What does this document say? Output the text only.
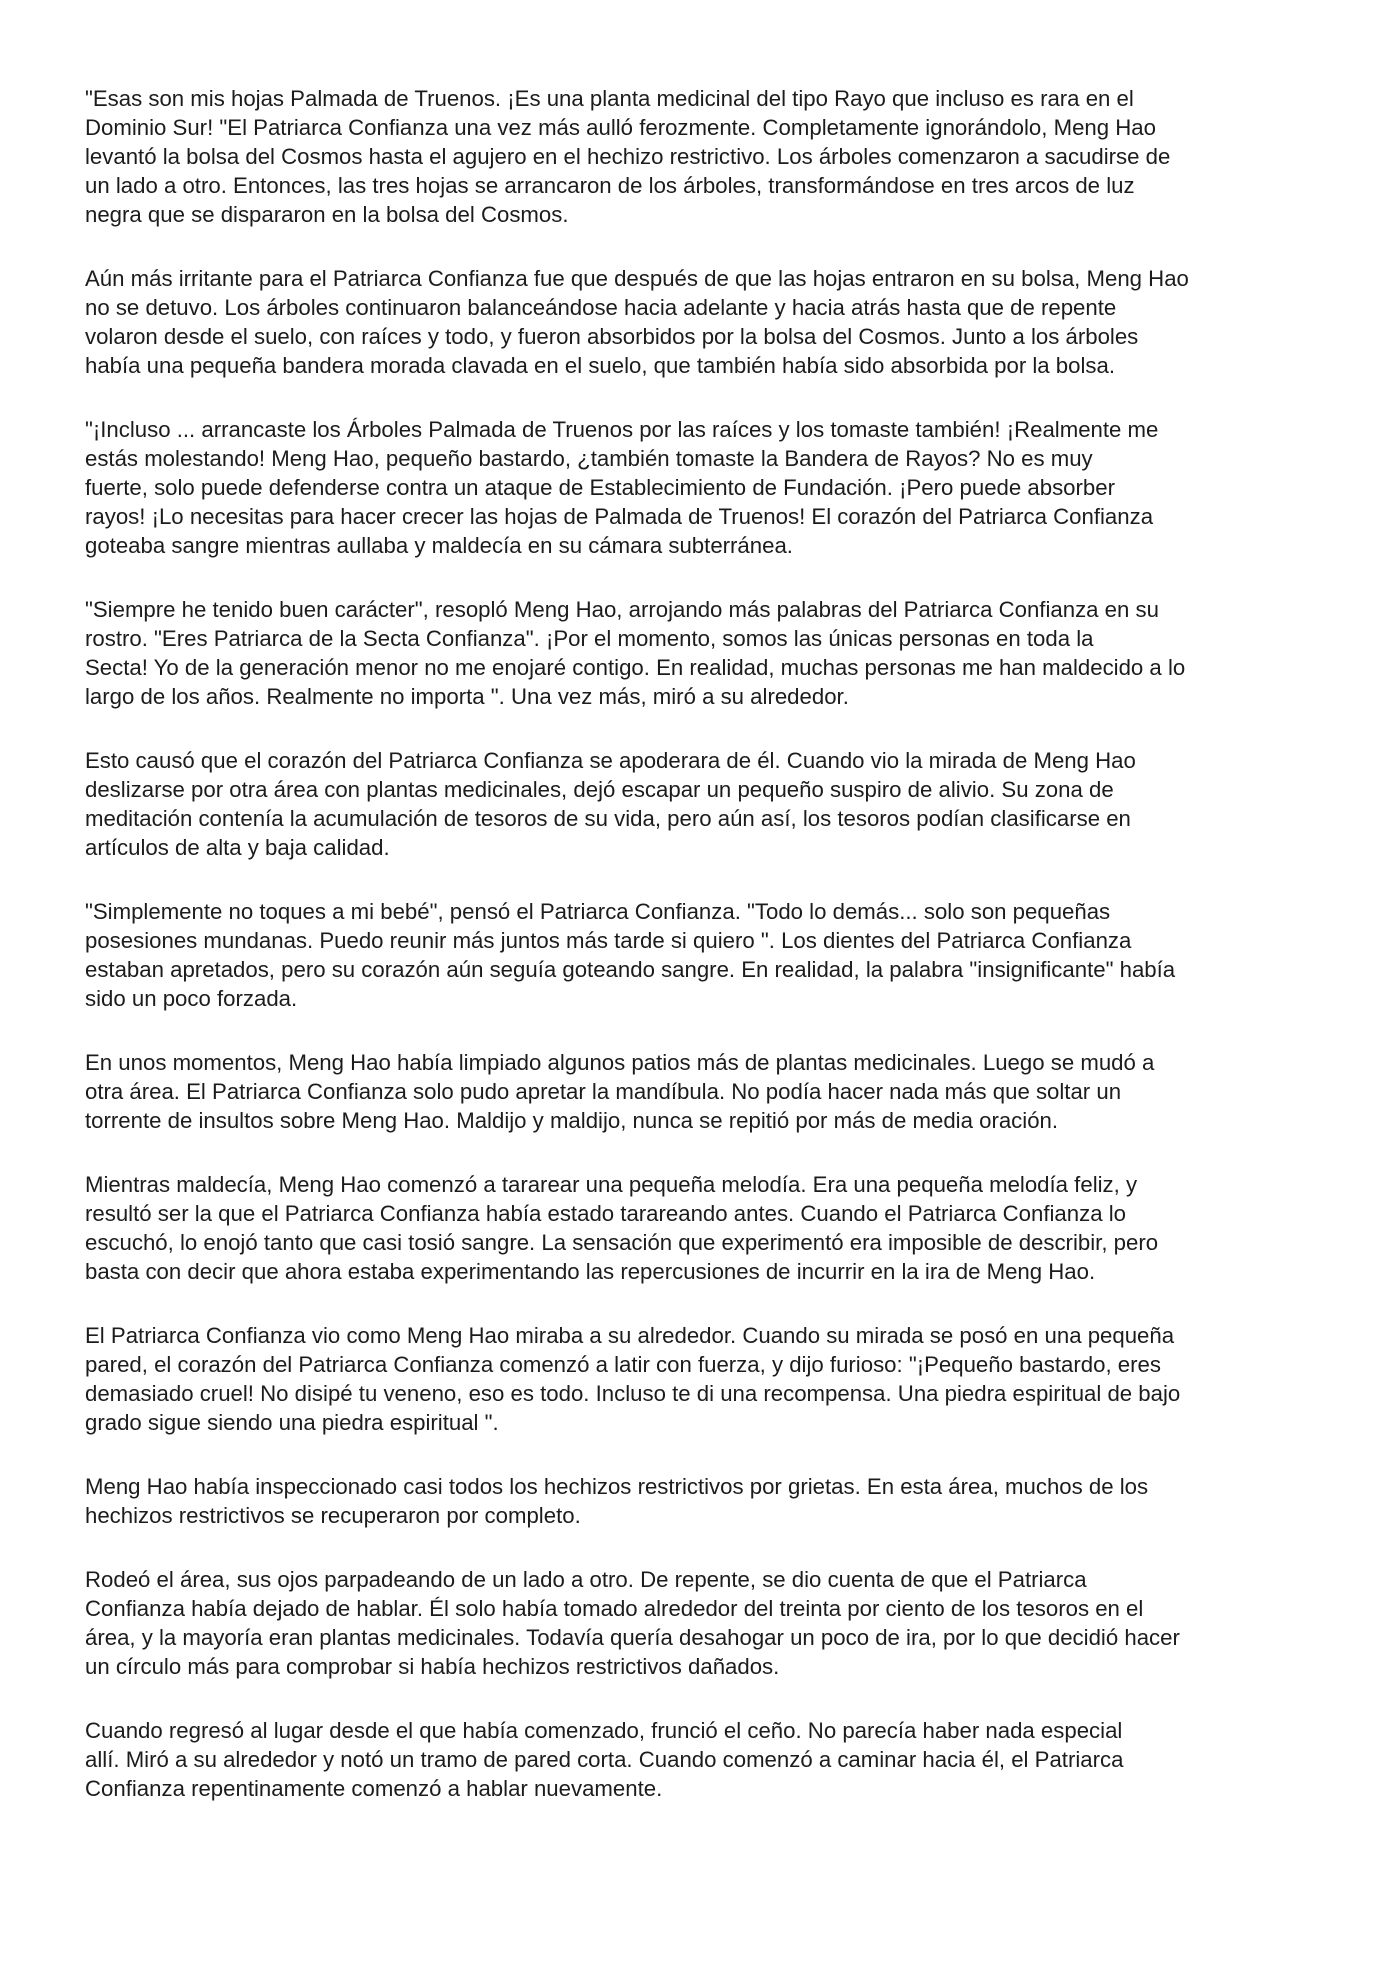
"Esas son mis hojas Palmada de Truenos. ¡Es una planta medicinal del tipo Rayo que incluso es rara en el
Dominio Sur! "El Patriarca Confianza una vez más aulló ferozmente. Completamente ignorándolo, Meng Hao
levantó la bolsa del Cosmos hasta el agujero en el hechizo restrictivo. Los árboles comenzaron a sacudirse de
un lado a otro. Entonces, las tres hojas se arrancaron de los árboles, transformándose en tres arcos de luz
negra que se dispararon en la bolsa del Cosmos.

Aún más irritante para el Patriarca Confianza fue que después de que las hojas entraron en su bolsa, Meng Hao
no se detuvo. Los árboles continuaron balanceándose hacia adelante y hacia atrás hasta que de repente
volaron desde el suelo, con raíces y todo, y fueron absorbidos por la bolsa del Cosmos. Junto a los árboles
había una pequeña bandera morada clavada en el suelo, que también había sido absorbida por la bolsa.

"¡Incluso ... arrancaste los Árboles Palmada de Truenos por las raíces y los tomaste también! ¡Realmente me
estás molestando! Meng Hao, pequeño bastardo, ¿también tomaste la Bandera de Rayos? No es muy
fuerte, solo puede defenderse contra un ataque de Establecimiento de Fundación. ¡Pero puede absorber
rayos! ¡Lo necesitas para hacer crecer las hojas de Palmada de Truenos! El corazón del Patriarca Confianza
goteaba sangre mientras aullaba y maldecía en su cámara subterránea.

"Siempre he tenido buen carácter", resopló Meng Hao, arrojando más palabras del Patriarca Confianza en su
rostro. "Eres Patriarca de la Secta Confianza". ¡Por el momento, somos las únicas personas en toda la
Secta! Yo de la generación menor no me enojaré contigo. En realidad, muchas personas me han maldecido a lo
largo de los años. Realmente no importa ". Una vez más, miró a su alrededor.

Esto causó que el corazón del Patriarca Confianza se apoderara de él. Cuando vio la mirada de Meng Hao
deslizarse por otra área con plantas medicinales, dejó escapar un pequeño suspiro de alivio. Su zona de
meditación contenía la acumulación de tesoros de su vida, pero aún así, los tesoros podían clasificarse en
artículos de alta y baja calidad.

"Simplemente no toques a mi bebé", pensó el Patriarca Confianza. "Todo lo demás... solo son pequeñas
posesiones mundanas. Puedo reunir más juntos más tarde si quiero ". Los dientes del Patriarca Confianza
estaban apretados, pero su corazón aún seguía goteando sangre. En realidad, la palabra "insignificante" había
sido un poco forzada.

En unos momentos, Meng Hao había limpiado algunos patios más de plantas medicinales. Luego se mudó a
otra área. El Patriarca Confianza solo pudo apretar la mandíbula. No podía hacer nada más que soltar un
torrente de insultos sobre Meng Hao. Maldijo y maldijo, nunca se repitió por más de media oración.

Mientras maldecía, Meng Hao comenzó a tararear una pequeña melodía. Era una pequeña melodía feliz, y
resultó ser la que el Patriarca Confianza había estado tarareando antes. Cuando el Patriarca Confianza lo
escuchó, lo enojó tanto que casi tosió sangre. La sensación que experimentó era imposible de describir, pero
basta con decir que ahora estaba experimentando las repercusiones de incurrir en la ira de Meng Hao.

El Patriarca Confianza vio como Meng Hao miraba a su alrededor. Cuando su mirada se posó en una pequeña
pared, el corazón del Patriarca Confianza comenzó a latir con fuerza, y dijo furioso: "¡Pequeño bastardo, eres
demasiado cruel! No disipé tu veneno, eso es todo. Incluso te di una recompensa. Una piedra espiritual de bajo
grado sigue siendo una piedra espiritual ".

Meng Hao había inspeccionado casi todos los hechizos restrictivos por grietas. En esta área, muchos de los
hechizos restrictivos se recuperaron por completo.

Rodeó el área, sus ojos parpadeando de un lado a otro. De repente, se dio cuenta de que el Patriarca
Confianza había dejado de hablar. Él solo había tomado alrededor del treinta por ciento de los tesoros en el
área, y la mayoría eran plantas medicinales. Todavía quería desahogar un poco de ira, por lo que decidió hacer
un círculo más para comprobar si había hechizos restrictivos dañados.

Cuando regresó al lugar desde el que había comenzado, frunció el ceño. No parecía haber nada especial
allí. Miró a su alrededor y notó un tramo de pared corta. Cuando comenzó a caminar hacia él, el Patriarca
Confianza repentinamente comenzó a hablar nuevamente.
